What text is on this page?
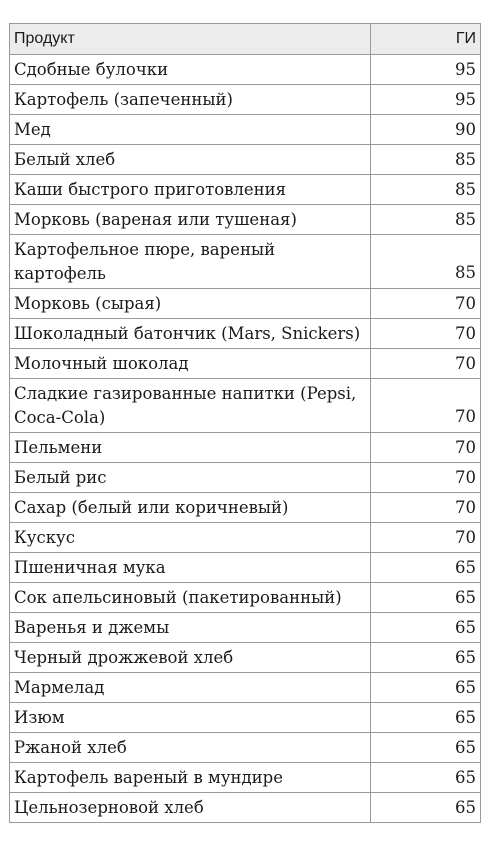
Продукт	ГИ
Сдобные булочки	95
Картофель (запеченный)	95
Мед	90
Белый хлеб	85
Каши быстрого приготовления	85
Морковь (вареная или тушеная)	85
Картофельное пюре, вареный картофель	85
Морковь (сырая)	70
Шоколадный батончик (Mars, Snickers)	70
Молочный шоколад	70
Сладкие газированные напитки (Pepsi, Coca-Cola)	70
Пельмени	70
Белый рис	70
Сахар (белый или коричневый)	70
Кускус	70
Пшеничная мука	65
Сок апельсиновый (пакетированный)	65
Варенья и джемы	65
Черный дрожжевой хлеб	65
Мармелад	65
Изюм	65
Ржаной хлеб	65
Картофель вареный в мундире	65
Цельнозерновой хлеб	65
